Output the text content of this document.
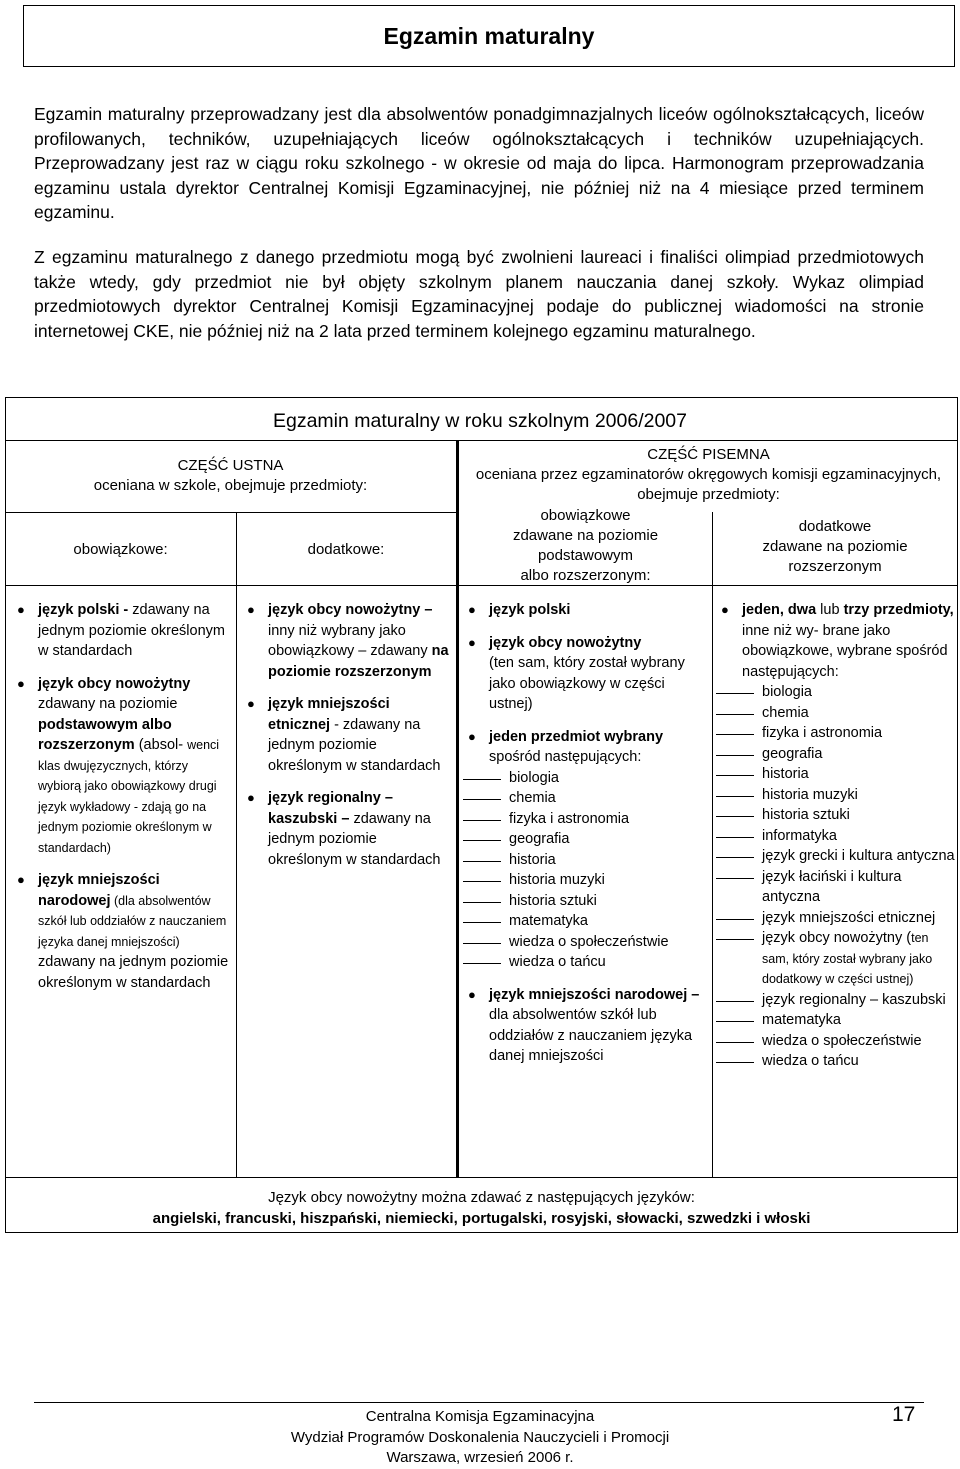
Egzamin maturalny

Egzamin maturalny przeprowadzany jest dla absolwentów ponadgimnazjalnych liceów ogólnokształcących, liceów profilowanych, techników, uzupełniających liceów ogólnokształcących i techników uzupełniających. Przeprowadzany jest raz w ciągu roku szkolnego - w okresie od maja do lipca. Harmonogram przeprowadzania egzaminu ustala dyrektor Centralnej Komisji Egzaminacyjnej, nie później niż na 4 miesiące przed terminem egzaminu.

Z egzaminu maturalnego z danego przedmiotu mogą być zwolnieni laureaci i finaliści olimpiad przedmiotowych także wtedy, gdy przedmiot nie był objęty szkolnym planem nauczania danej szkoły. Wykaz olimpiad przedmiotowych dyrektor Centralnej Komisji Egzaminacyjnej podaje do publicznej wiadomości na stronie internetowej CKE, nie później niż na 2 lata przed terminem kolejnego egzaminu maturalnego.

Egzamin maturalny w roku szkolnym 2006/2007
CZĘŚĆ USTNA
oceniana w szkole, obejmuje przedmioty:
obowiązkowe:	dodatkowe:
CZĘŚĆ PISEMNA
oceniana przez egzaminatorów okręgowych komisji egzaminacyjnych, obejmuje przedmioty:
obowiązkowe
zdawane na poziomie
podstawowym
albo rozszerzonym:
dodatkowe
zdawane na poziomie
rozszerzonym
● język polski - zdawany na jednym poziomie określonym w standardach
● język obcy nowożytny zdawany na poziomie podstawowym albo rozszerzonym (absol- wenci klas dwujęzycznych, którzy wybiorą jako obowiązkowy drugi język wykładowy - zdają go na jednym poziomie określonym w standardach)
● język mniejszości narodowej (dla absolwentów szkół lub oddziałów z nauczaniem języka danej mniejszości) zdawany na jednym poziomie określonym w standardach
● język obcy nowożytny – inny niż wybrany jako obowiązkowy – zdawany na poziomie rozszerzonym
● język mniejszości etnicznej - zdawany na jednym poziomie określonym w standardach
● język regionalny – kaszubski – zdawany na jednym poziomie określonym w standardach
● język polski
● język obcy nowożytny
(ten sam, który został wybrany jako obowiązkowy w części ustnej)
● jeden przedmiot wybrany
spośród następujących:
biologia
chemia
fizyka i astronomia
geografia
historia
historia muzyki
historia sztuki
matematyka
wiedza o społeczeństwie
wiedza o tańcu
● język mniejszości narodowej – dla absolwentów szkół lub oddziałów z nauczaniem języka danej mniejszości
● jeden, dwa lub trzy przedmioty, inne niż wy- brane jako obowiązkowe, wybrane spośród następujących:
biologia
chemia
fizyka i astronomia
geografia
historia
historia muzyki
historia sztuki
informatyka
język grecki i kultura antyczna
język łaciński i kultura antyczna
język mniejszości etnicznej
język obcy nowożytny (ten sam, który został wybrany jako dodatkowy w części ustnej)
język regionalny – kaszubski
matematyka
wiedza o społeczeństwie
wiedza o tańcu
Język obcy nowożytny można zdawać z następujących języków:
angielski, francuski, hiszpański, niemiecki, portugalski, rosyjski, słowacki, szwedzki i włoski
Centralna Komisja Egzaminacyjna
Wydział Programów Doskonalenia Nauczycieli i Promocji
Warszawa, wrzesień 2006 r.
17
